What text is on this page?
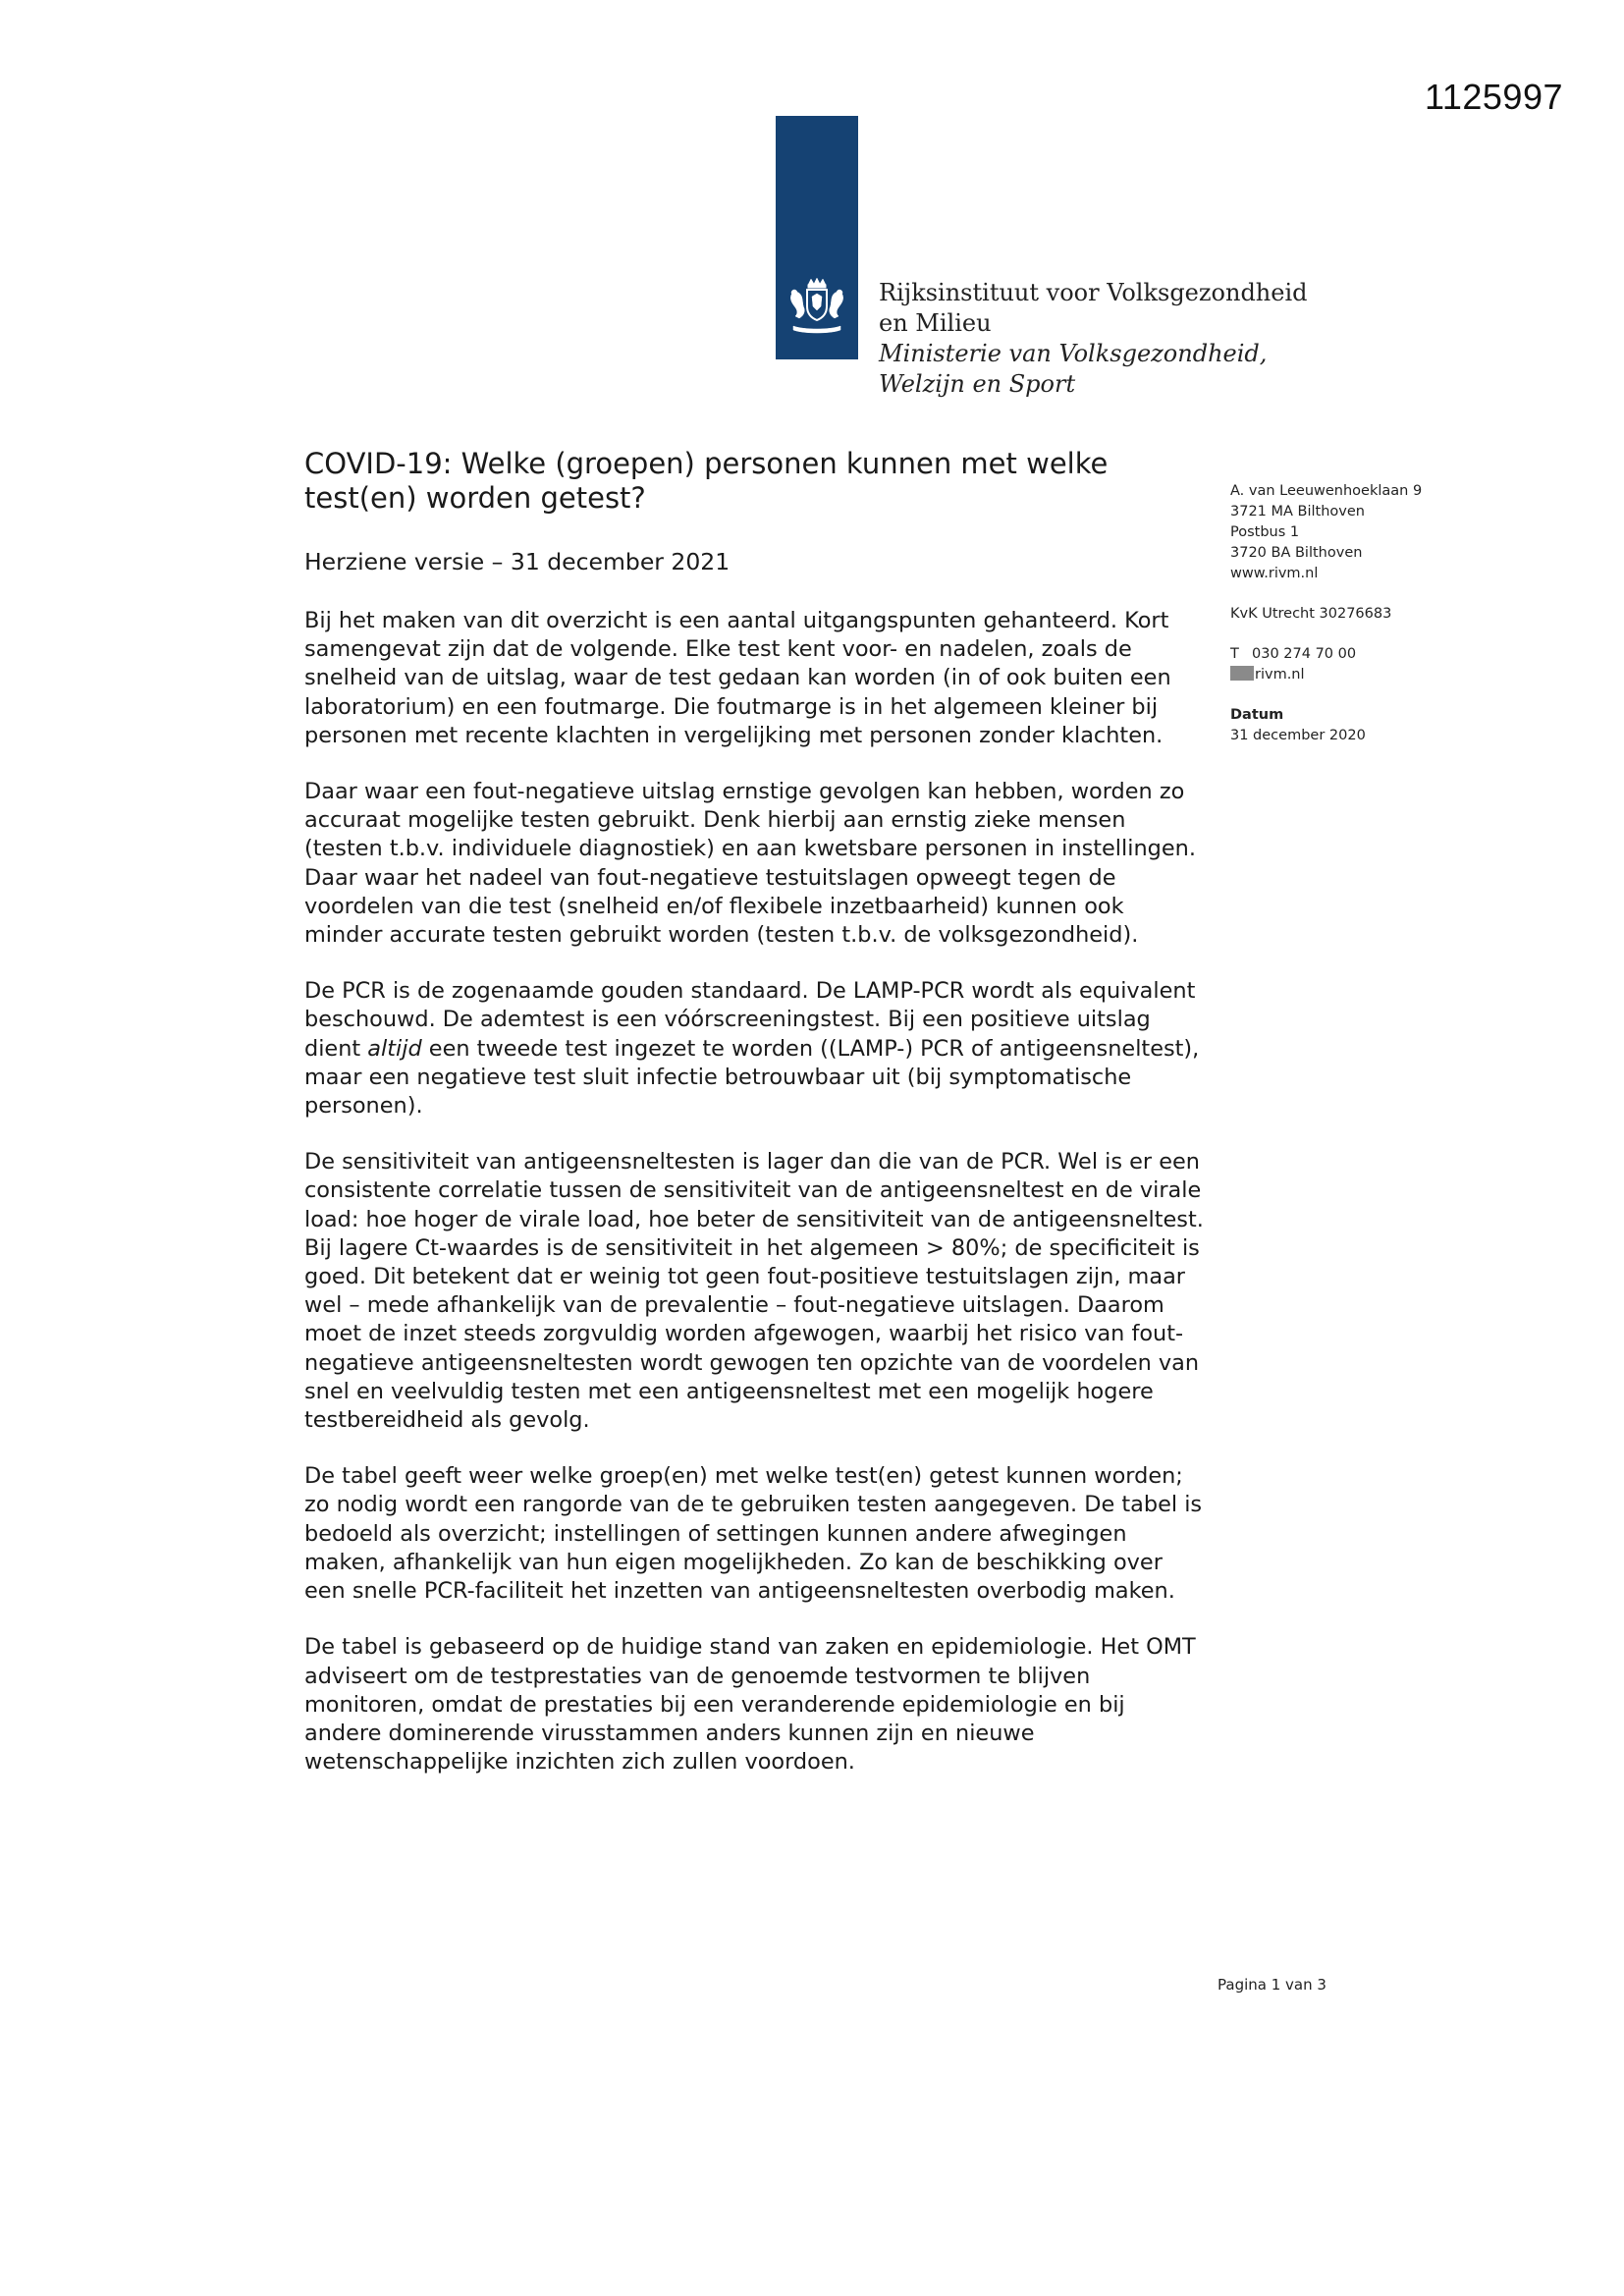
1125997
Rijksinstituut voor Volksgezondheid
en Milieu
Ministerie van Volksgezondheid,
Welzijn en Sport
COVID-19: Welke (groepen) personen kunnen met welke test(en) worden getest?
Herziene versie – 31 december 2021
A. van Leeuwenhoeklaan 9
3721 MA Bilthoven
Postbus 1
3720 BA Bilthoven
www.rivm.nl
KvK Utrecht 30276683
T 030 274 70 00
rivm.nl
Datum
31 december 2020

Bij het maken van dit overzicht is een aantal uitgangspunten gehanteerd. Kort samengevat zijn dat de volgende. Elke test kent voor- en nadelen, zoals de snelheid van de uitslag, waar de test gedaan kan worden (in of ook buiten een laboratorium) en een foutmarge. Die foutmarge is in het algemeen kleiner bij personen met recente klachten in vergelijking met personen zonder klachten.

Daar waar een fout-negatieve uitslag ernstige gevolgen kan hebben, worden zo accuraat mogelijke testen gebruikt. Denk hierbij aan ernstig zieke mensen (testen t.b.v. individuele diagnostiek) en aan kwetsbare personen in instellingen. Daar waar het nadeel van fout-negatieve testuitslagen opweegt tegen de voordelen van die test (snelheid en/of flexibele inzetbaarheid) kunnen ook minder accurate testen gebruikt worden (testen t.b.v. de volksgezondheid).

De PCR is de zogenaamde gouden standaard. De LAMP-PCR wordt als equivalent beschouwd. De ademtest is een vóórscreeningstest. Bij een positieve uitslag dient altijd een tweede test ingezet te worden ((LAMP-) PCR of antigeensneltest), maar een negatieve test sluit infectie betrouwbaar uit (bij symptomatische personen).

De sensitiviteit van antigeensneltesten is lager dan die van de PCR. Wel is er een consistente correlatie tussen de sensitiviteit van de antigeensneltest en de virale load: hoe hoger de virale load, hoe beter de sensitiviteit van de antigeensneltest. Bij lagere Ct-waardes is de sensitiviteit in het algemeen > 80%; de specificiteit is goed. Dit betekent dat er weinig tot geen fout-positieve testuitslagen zijn, maar wel – mede afhankelijk van de prevalentie – fout-negatieve uitslagen. Daarom moet de inzet steeds zorgvuldig worden afgewogen, waarbij het risico van fout-negatieve antigeensneltesten wordt gewogen ten opzichte van de voordelen van snel en veelvuldig testen met een antigeensneltest met een mogelijk hogere testbereidheid als gevolg.

De tabel geeft weer welke groep(en) met welke test(en) getest kunnen worden; zo nodig wordt een rangorde van de te gebruiken testen aangegeven. De tabel is bedoeld als overzicht; instellingen of settingen kunnen andere afwegingen maken, afhankelijk van hun eigen mogelijkheden. Zo kan de beschikking over een snelle PCR-faciliteit het inzetten van antigeensneltesten overbodig maken.

De tabel is gebaseerd op de huidige stand van zaken en epidemiologie. Het OMT adviseert om de testprestaties van de genoemde testvormen te blijven monitoren, omdat de prestaties bij een veranderende epidemiologie en bij andere dominerende virusstammen anders kunnen zijn en nieuwe wetenschappelijke inzichten zich zullen voordoen.

Pagina 1 van 3
